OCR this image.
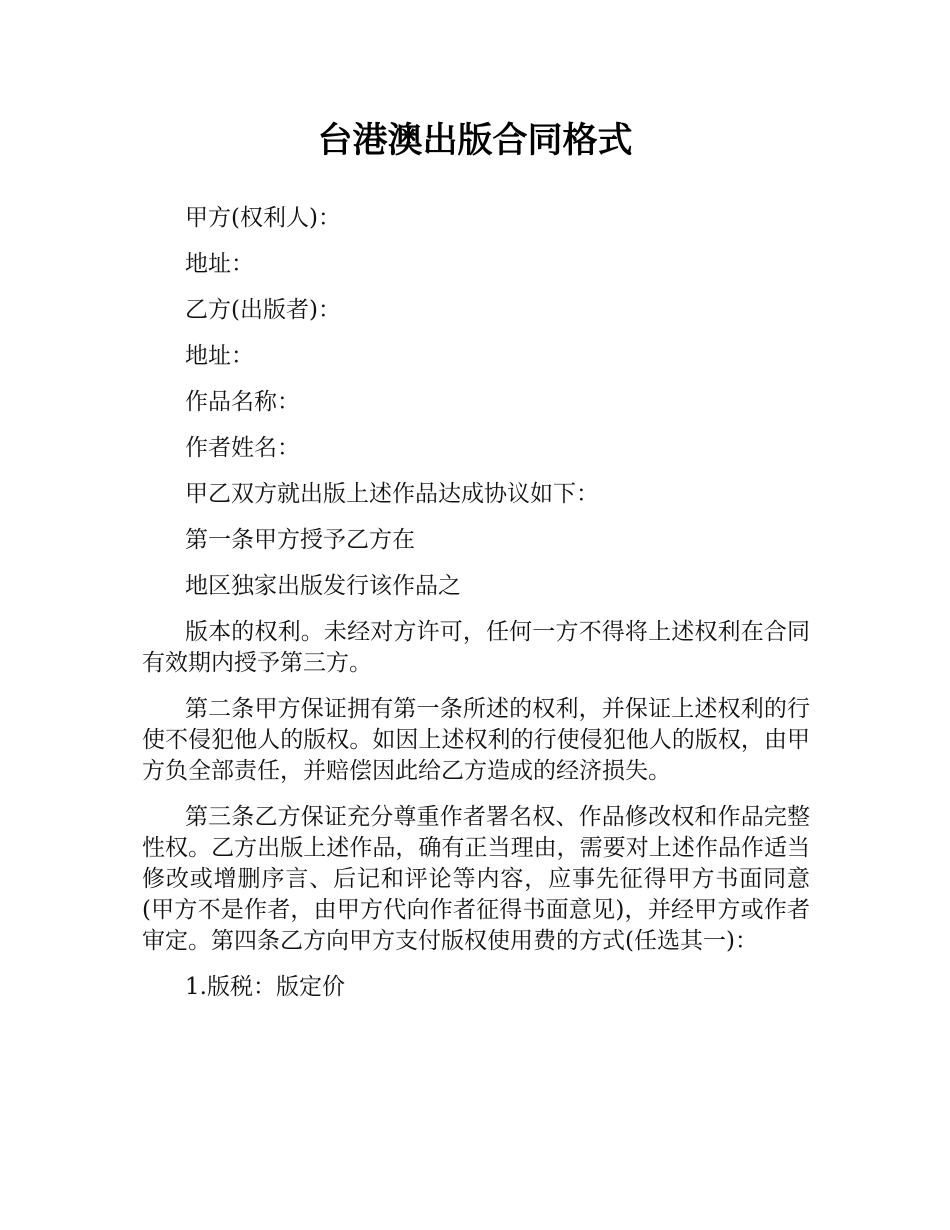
台港澳出版合同格式

甲方(权利人)：

地址：

乙方(出版者)：

地址：

作品名称：

作者姓名：

甲乙双方就出版上述作品达成协议如下：

第一条甲方授予乙方在

地区独家出版发行该作品之

版本的权利。未经对方许可，任何一方不得将上述权利在合同有效期内授予第三方。

第二条甲方保证拥有第一条所述的权利，并保证上述权利的行使不侵犯他人的版权。如因上述权利的行使侵犯他人的版权，由甲方负全部责任，并赔偿因此给乙方造成的经济损失。

第三条乙方保证充分尊重作者署名权、作品修改权和作品完整性权。乙方出版上述作品，确有正当理由，需要对上述作品作适当修改或增删序言、后记和评论等内容，应事先征得甲方书面同意(甲方不是作者，由甲方代向作者征得书面意见)，并经甲方或作者审定。第四条乙方向甲方支付版权使用费的方式(任选其一)：

1.版税：版定价
